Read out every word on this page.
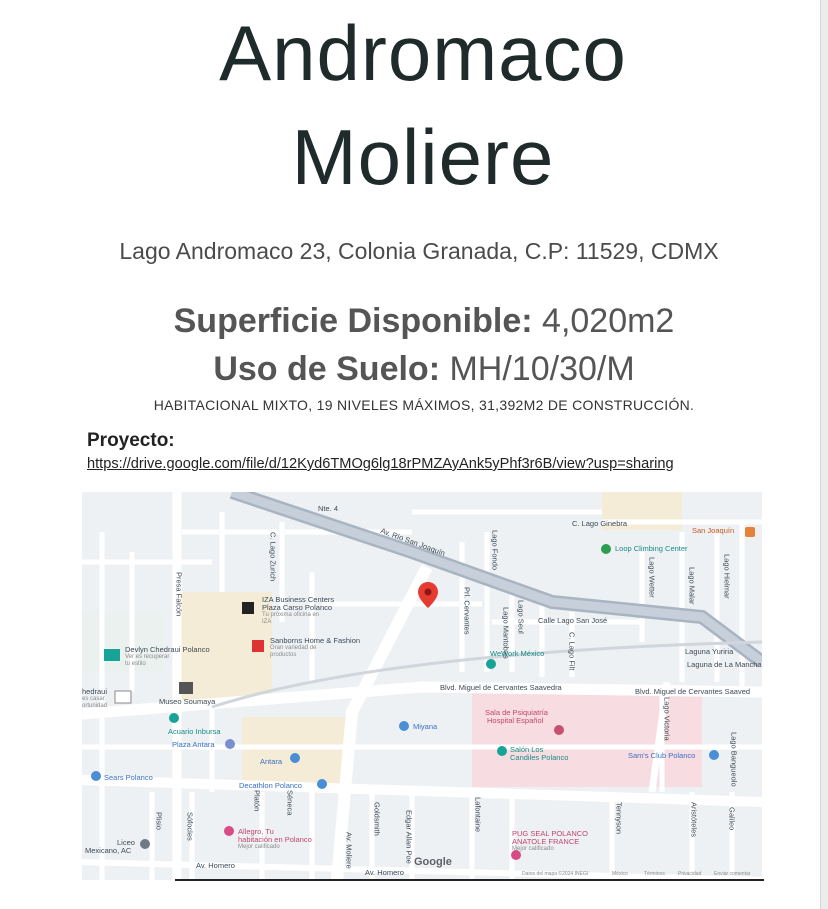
Andromaco
Moliere
Lago Andromaco 23, Colonia Granada, C.P: 11529, CDMX
Superficie Disponible: 4,020m2
Uso de Suelo: MH/10/30/M
HABITACIONAL MIXTO, 19 NIVELES MÁXIMOS, 31,392M2 DE CONSTRUCCIÓN.
Proyecto:
https://drive.google.com/file/d/12Kyd6TMOg6lg18rPMZAyAnk5yPhf3r6B/view?usp=sharing
Nte. 4
Av. Río San Joaquín
C. Lago Ginebra
Calle Lago San José
Laguna Yuriria
Laguna de La Mancha
Blvd. Miguel de Cervantes Saavedra	Blvd. Miguel de Cervantes Saaved
Av. Homero
Av. Homero
Av. Moliere
Presa Falcón
C. Lago Zurich
Prl. Cervantes
Lago Fondo
Lago Mantobas Lago Seul
C. Lago Filt
Lago Wetter	Lago Malar	Lago Hielmar
Lago Victoria
Lago Bangueolo
Platón	Séneca
Sófocles	Goldsmith	Edgar Allan Poe	Lafontaine	Tennyson	Aristóteles	Galileo
Plisio
IZA Business Centers
Plaza Carso Polanco
Tu próxima oficina en IZA
Sanborns Home & Fashion
Gran variedad de productos
Devlyn Chedraui Polanco
Ver es recuperar tu estilo
hedraui
es casar ortunidad	Museo Soumaya
Acuario Inbursa
Plaza Antara
Antara
Sears Polanco
Decathlon Polanco
Allegro, Tu
habitación en Polanco
Mejor calificado
Liceo
Mexicano, AC
Miyana
Sala de Psiquiatría
Hospital Español
Salón Los
Candiles Polanco	Sam's Club Polanco
WeWork México
Loop Climbing Center
San Joaquín
PUG SEAL POLANCO
ANATOLE FRANCE
Mejor calificado
Google
Datos del mapa ©2024 INEGI	México	Términos	Privacidad	Enviar comentar
